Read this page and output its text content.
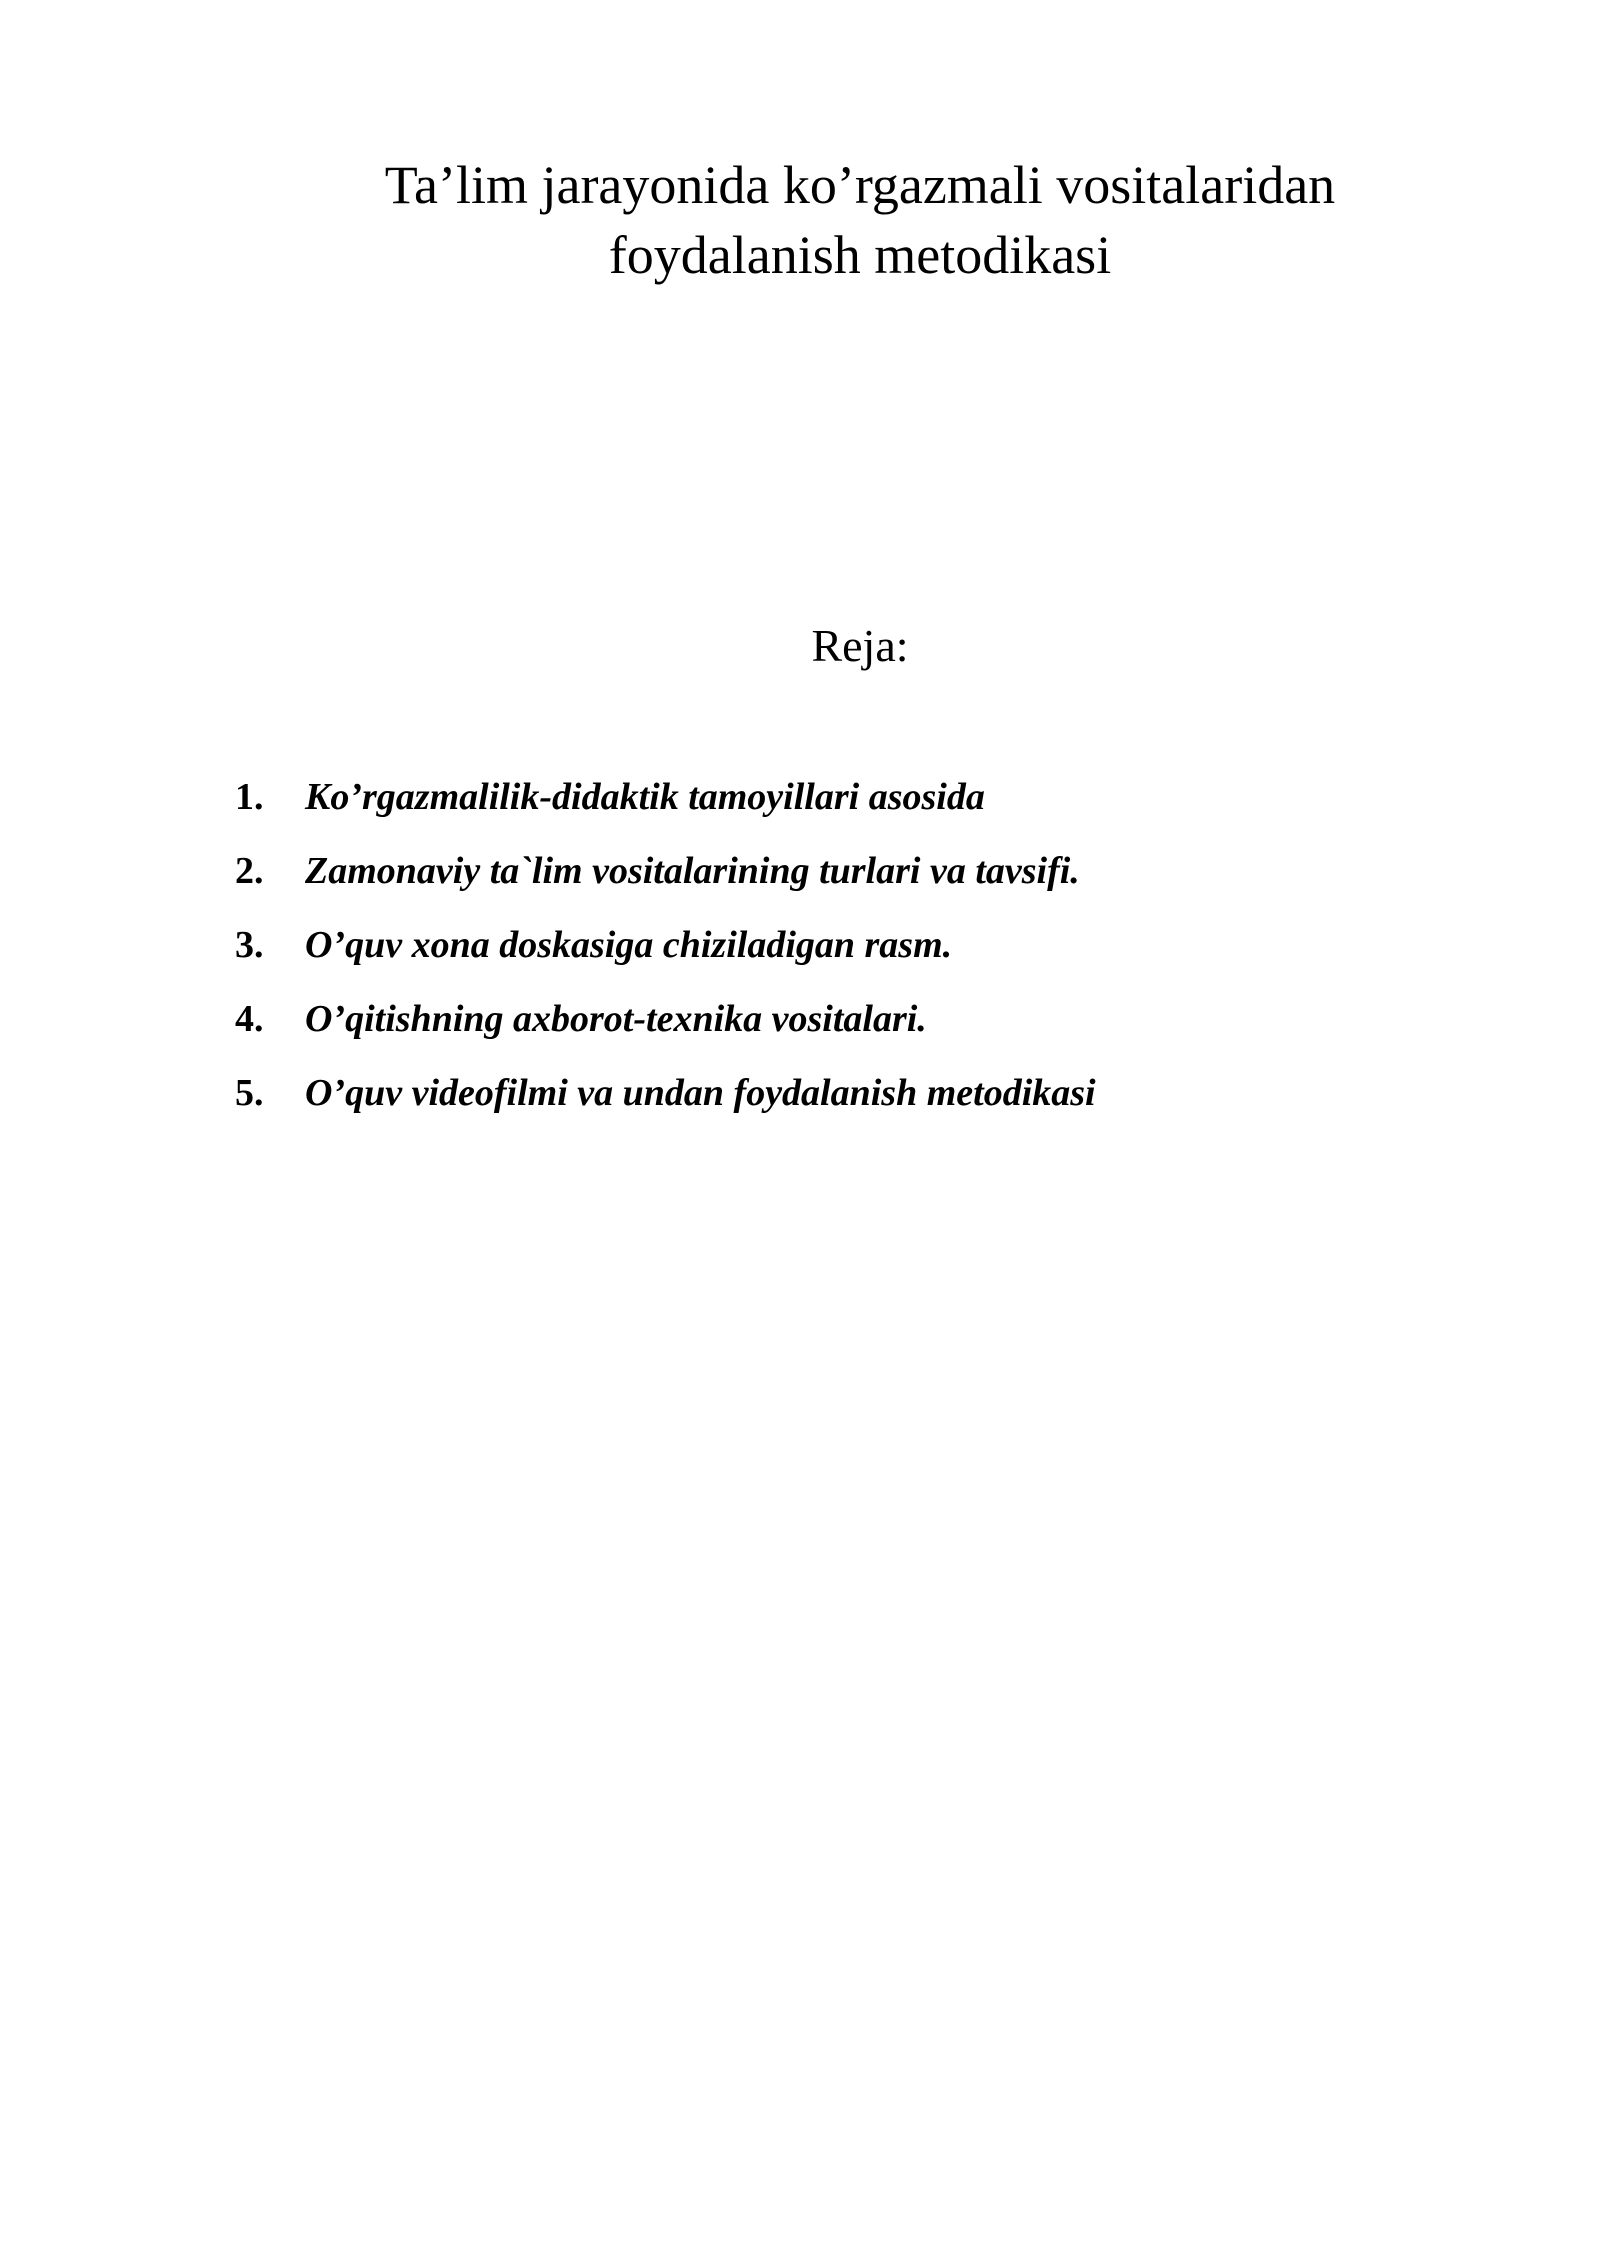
Ta’lim jarayonida ko’rgazmali vositalaridan
foydalanish metodikasi
Reja:
1.	Ko’rgazmalilik-didaktik tamoyillari asosida
2.	Zamonaviy ta`lim vositalarining turlari va tavsifi.
3.	O’quv xona doskasiga chiziladigan rasm.
4.	O’qitishning axborot-texnika vositalari.
5.	O’quv videofilmi va undan foydalanish metodikasi
